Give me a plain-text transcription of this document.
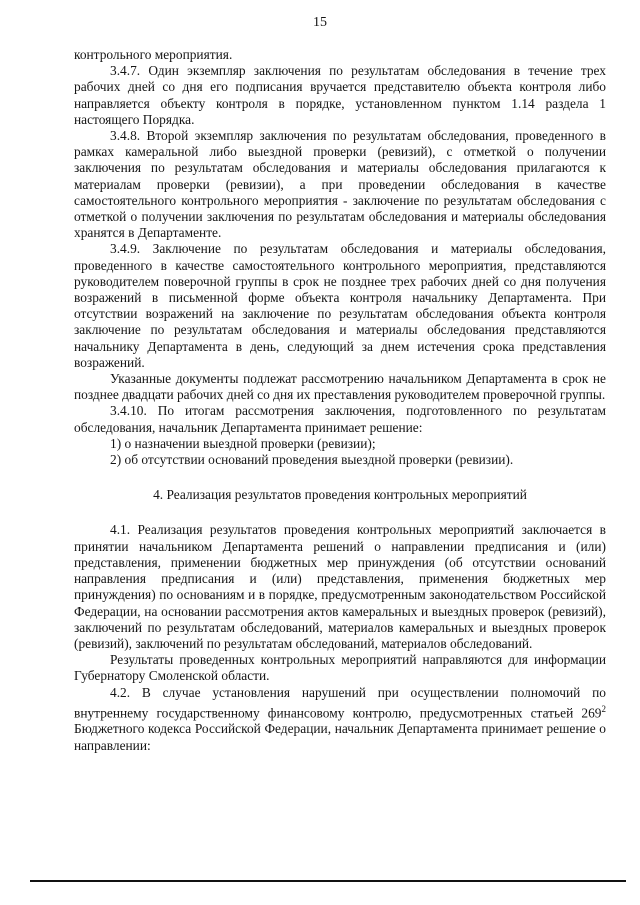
15

контрольного мероприятия.

3.4.7. Один экземпляр заключения по результатам обследования в течение трех рабочих дней со дня его подписания вручается представителю объекта контроля либо направляется объекту контроля в порядке, установленном пунктом 1.14 раздела 1 настоящего Порядка.

3.4.8. Второй экземпляр заключения по результатам обследования, проведенного в рамках камеральной либо выездной проверки (ревизий), с отметкой о получении заключения по результатам обследования и материалы обследования прилагаются к материалам проверки (ревизии), а при проведении обследования в качестве самостоятельного контрольного мероприятия - заключение по результатам обследования с отметкой о получении заключения по результатам обследования и материалы обследования хранятся в Департаменте.

3.4.9. Заключение по результатам обследования и материалы обследования, проведенного в качестве самостоятельного контрольного мероприятия, представляются руководителем поверочной группы в срок не позднее трех рабочих дней со дня получения возражений в письменной форме объекта контроля начальнику Департамента. При отсутствии возражений на заключение по результатам обследования объекта контроля заключение по результатам обследования и материалы обследования представляются начальнику Департамента в день, следующий за днем истечения срока представления возражений.

Указанные документы подлежат рассмотрению начальником Департамента в срок не позднее двадцати рабочих дней со дня их преставления руководителем проверочной группы.

3.4.10. По итогам рассмотрения заключения, подготовленного по результатам обследования, начальник Департамента принимает решение:

1) о назначении выездной проверки (ревизии);

2) об отсутствии оснований проведения выездной проверки (ревизии).

4. Реализация результатов проведения контрольных мероприятий

4.1. Реализация результатов проведения контрольных мероприятий заключается в принятии начальником Департамента решений о направлении предписания и (или) представления, применении бюджетных мер принуждения (об отсутствии оснований направления предписания и (или) представления, применения бюджетных мер принуждения) по основаниям и в порядке, предусмотренным законодательством Российской Федерации, на основании рассмотрения актов камеральных и выездных проверок (ревизий), заключений по результатам обследований, материалов камеральных и выездных проверок (ревизий), заключений по результатам обследований, материалов обследований.

Результаты проведенных контрольных мероприятий направляются для информации Губернатору Смоленской области.

4.2. В случае установления нарушений при осуществлении полномочий по внутреннему государственному финансовому контролю, предусмотренных статьей $269^2$ Бюджетного кодекса Российской Федерации, начальник Департамента принимает решение о направлении:
